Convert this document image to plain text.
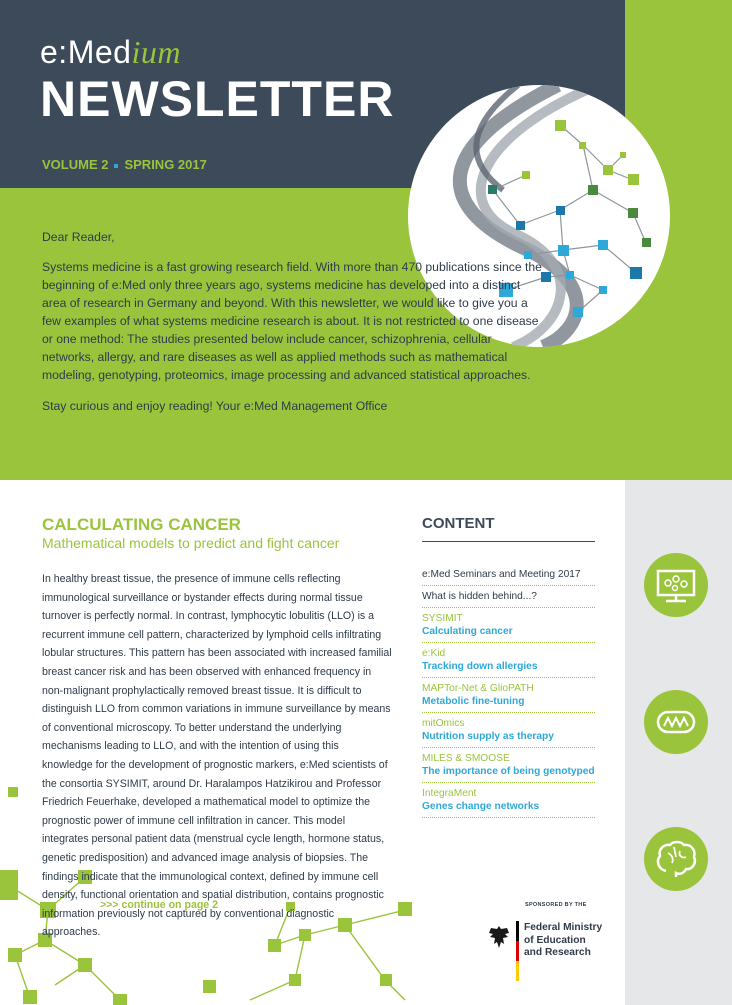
e:Medium
NEWSLETTER
VOLUME 2 SPRING 2017

Dear Reader,

Systems medicine is a fast growing research field. With more than 470 publications since the beginning of e:Med only three years ago, systems medicine has developed into a distinct area of research in Germany and beyond. With this newsletter, we would like to give you a few examples of what systems medicine research is about. It is not restricted to one disease or one method: The studies presented below include cancer, schizophrenia, cellular networks, allergy, and rare diseases as well as applied methods such as mathematical modeling, genotyping, proteomics, image processing and advanced statistical approaches.

Stay curious and enjoy reading! Your e:Med Management Office

CALCULATING CANCER
Mathematical models to predict and fight cancer
In healthy breast tissue, the presence of immune cells reflecting immunological surveillance or bystander effects during normal tissue turnover is perfectly normal. In contrast, lymphocytic lobulitis (LLO) is a recurrent immune cell pattern, characterized by lymphoid cells infiltrating lobular structures. This pattern has been associated with increased familial breast cancer risk and has been observed with enhanced frequency in non-malignant prophylactically removed breast tissue. It is difficult to distinguish LLO from common variations in immune surveillance by means of conventional microscopy. To better understand the underlying mechanisms leading to LLO, and with the intention of using this knowledge for the development of prognostic markers, e:Med scientists of the consortia SYSIMIT, around Dr. Haralampos Hatzikirou and Professor Friedrich Feuerhake, developed a mathematical model to optimize the prognostic power of immune cell infiltration in cancer. This model integrates personal patient data (menstrual cycle length, hormone status, genetic predisposition) and advanced image analysis of biopsies. The findings indicate that the immunological context, defined by immune cell density, functional orientation and spatial distribution, contains prognostic information previously not captured by conventional diagnostic approaches.
>>> continue on page 2
CONTENT
e:Med Seminars and Meeting 2017
What is hidden behind...?
SYSIMIT
Calculating cancer
e:Kid
Tracking down allergies
MAPTor-Net & GlioPATH
Metabolic fine-tuning
mitOmics
Nutrition supply as therapy
MILES & SMOOSE
The importance of being genotyped
IntegraMent
Genes change networks
SPONSORED BY THE
Federal Ministry of Education and Research
